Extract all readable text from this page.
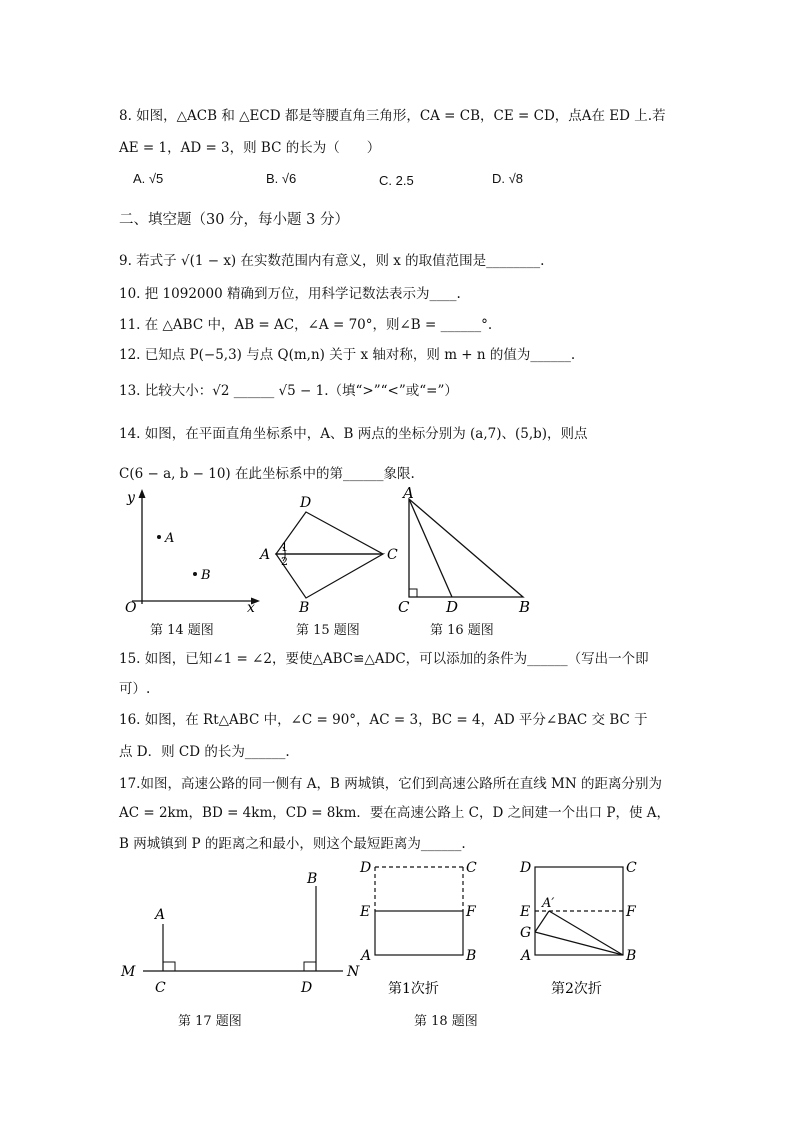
8. 如图，△ACB 和 △ECD 都是等腰直角三角形，CA = CB，CE = CD，点A在 ED 上.若
AE = 1，AD = 3，则 BC 的长为（　　）
A. √5	B. √6	C. 2.5	D. √8
二、填空题（30 分，每小题 3 分）
9. 若式子 √(1 − x) 在实数范围内有意义，则 x 的取值范围是________.
10. 把 1092000 精确到万位，用科学记数法表示为____.
11. 在 △ABC 中，AB = AC，∠A = 70°，则∠B = ______°.
12. 已知点 P(−5,3) 与点 Q(m,n) 关于 x 轴对称，则 m + n 的值为______.
13. 比较大小：√2 ______ √5 − 1.（填“>”“<”或“=”）
14. 如图，在平面直角坐标系中，A、B 两点的坐标分别为 (a,7)、(5,b)，则点
C(6 − a, b − 10) 在此坐标系中的第______象限.
y
O	x
A
B
D
A 1
2	C
B
A
C D	B
第 14 题图	第 15 题图	第 16 题图
15. 如图，已知∠1 = ∠2，要使△ABC≌△ADC，可以添加的条件为______（写出一个即
可）.
16. 如图，在 Rt△ABC 中，∠C = 90°，AC = 3，BC = 4，AD 平分∠BAC 交 BC 于
点 D．则 CD 的长为______.
17.如图，高速公路的同一侧有 A，B 两城镇，它们到高速公路所在直线 MN 的距离分别为
AC = 2km，BD = 4km，CD = 8km．要在高速公路上 C，D 之间建一个出口 P，使 A，
B 两城镇到 P 的距离之和最小，则这个最短距离为______.
M	N
A
B
C	D
D	C
E	F
A	B
第1次折
D	C
E
A′
F
G
A	B
第2次折
第 17 题图	第 18 题图
